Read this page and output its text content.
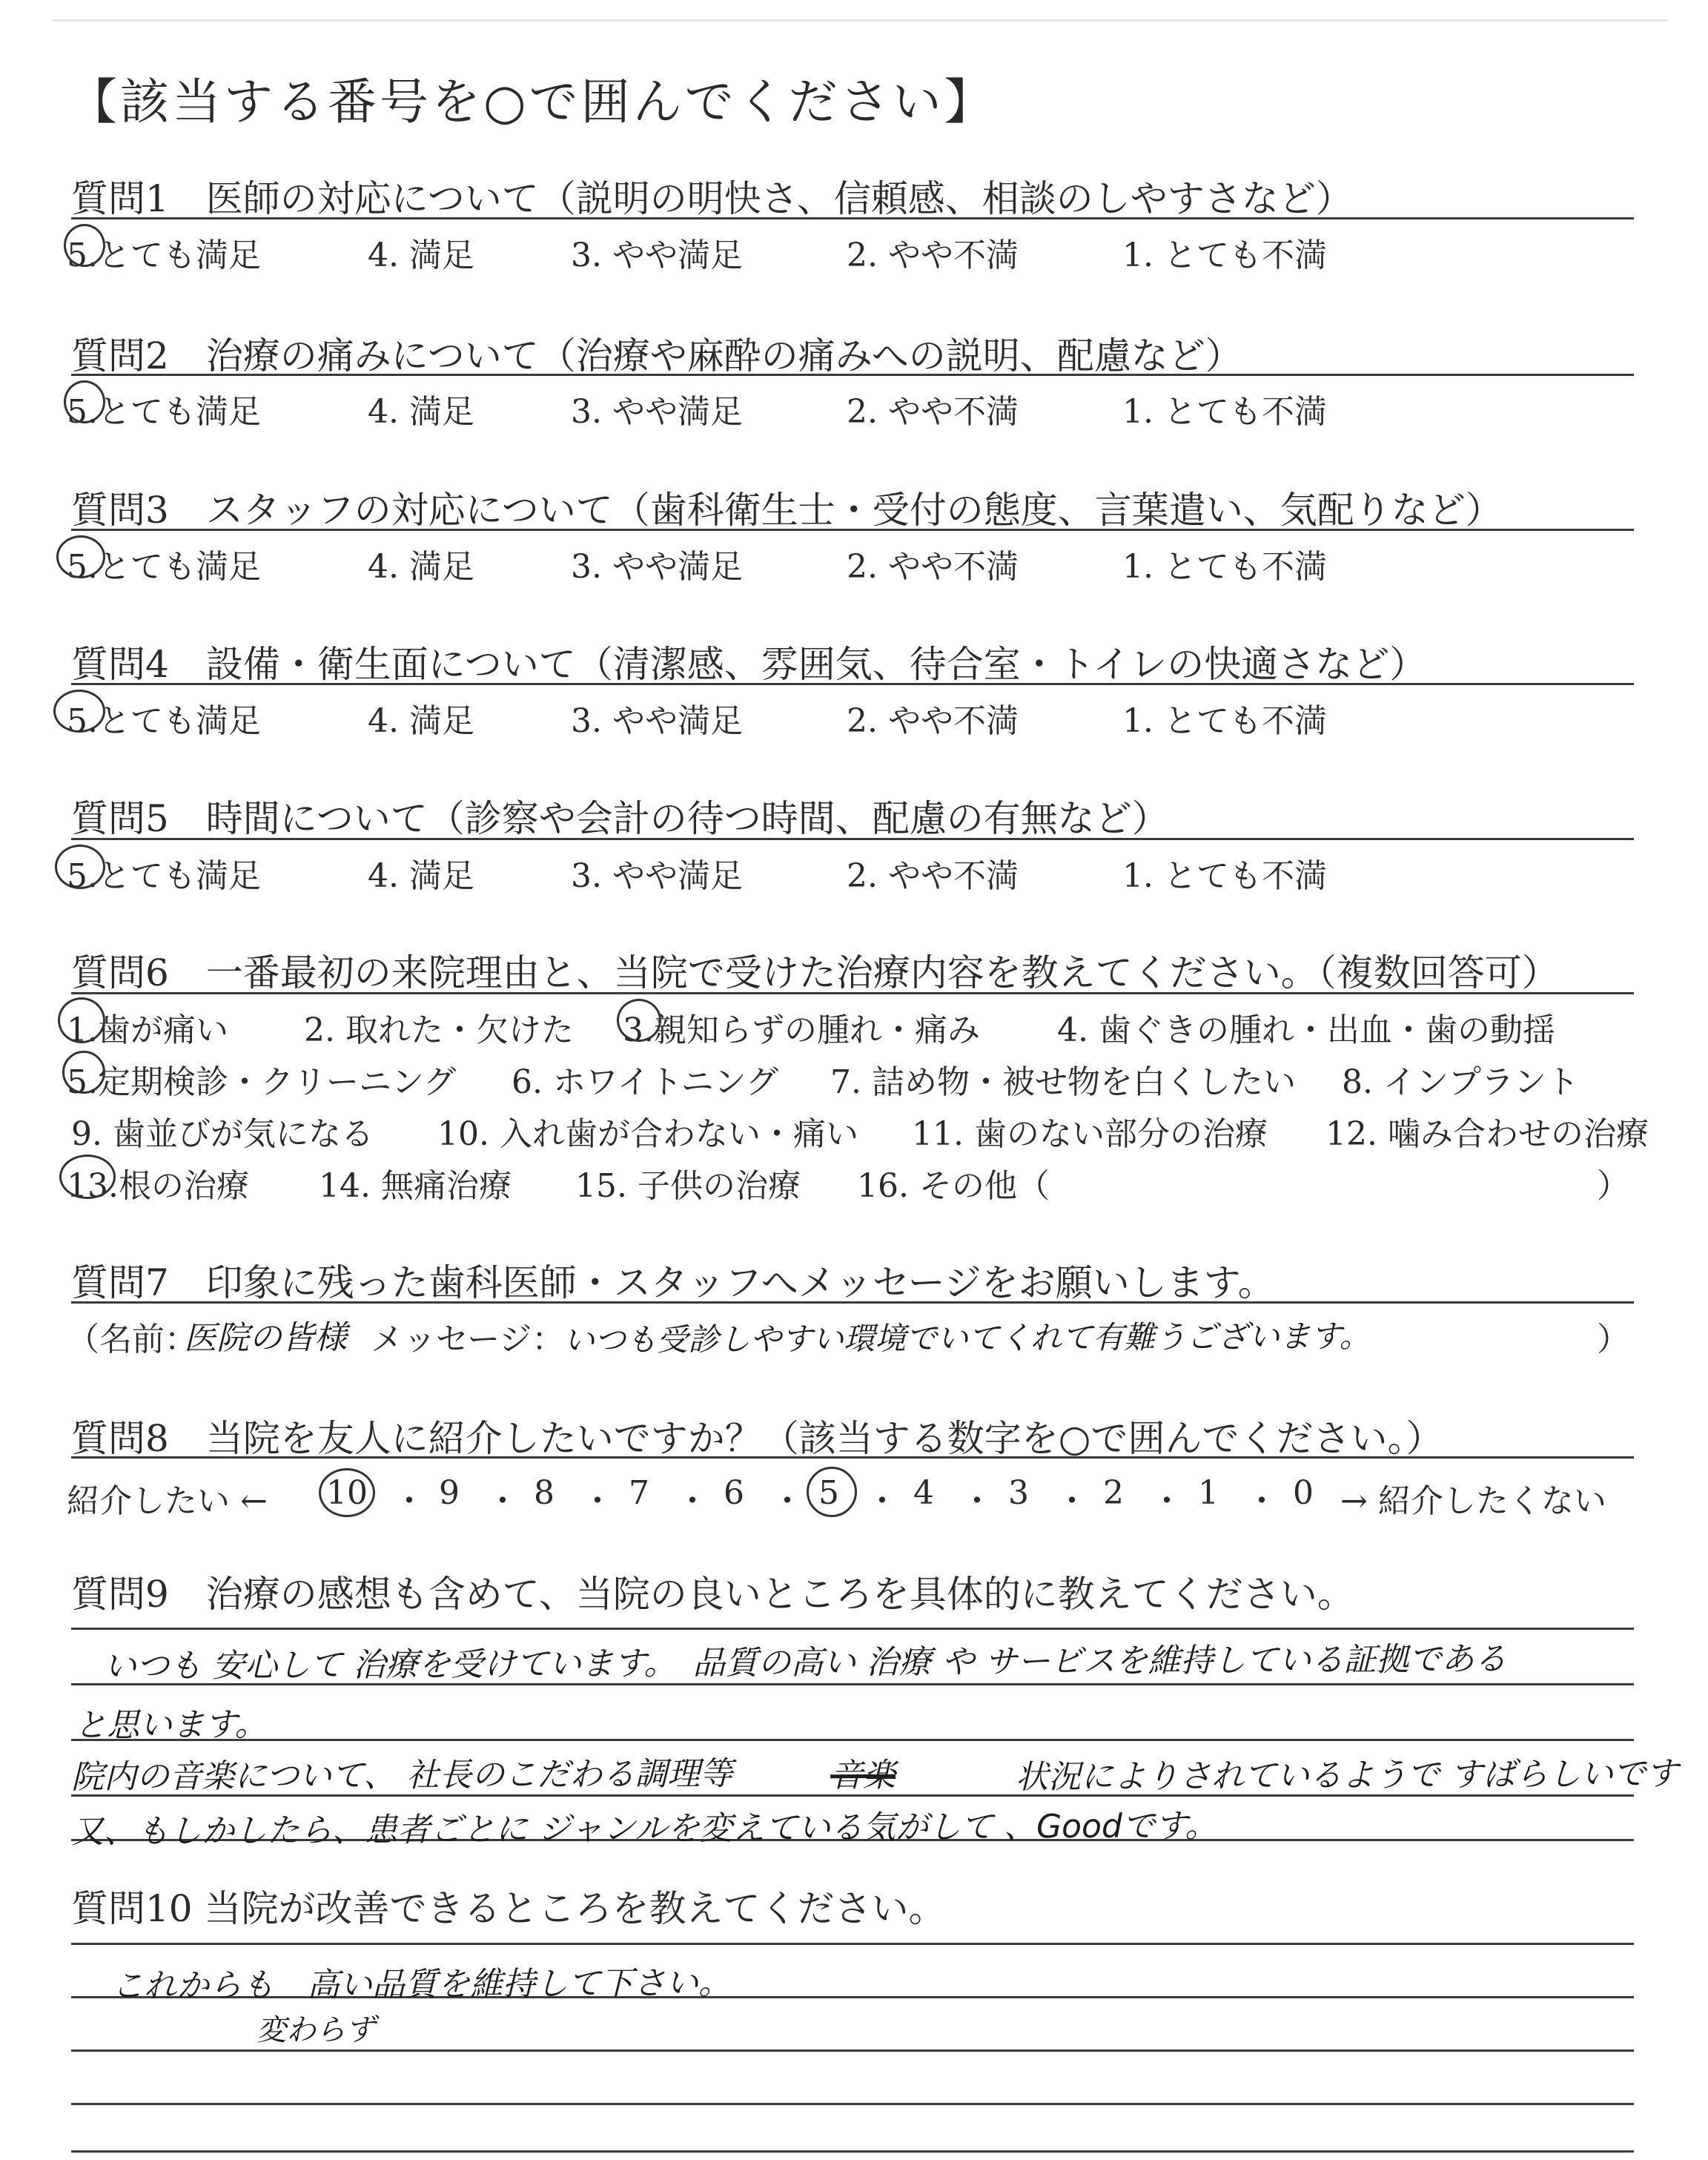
【該当する番号を○で囲んでください】
質問1　医師の対応について（説明の明快さ、信頼感、相談のしやすさなど）
5.とても満足	4. 満足	3. やや満足	2. やや不満	1. とても不満
質問2　治療の痛みについて（治療や麻酔の痛みへの説明、配慮など）
5.とても満足	4. 満足	3. やや満足	2. やや不満	1. とても不満
質問3　スタッフの対応について（歯科衛生士・受付の態度、言葉遣い、気配りなど）
5.とても満足	4. 満足	3. やや満足	2. やや不満	1. とても不満
質問4　設備・衛生面について（清潔感、雰囲気、待合室・トイレの快適さなど）
5.とても満足	4. 満足	3. やや満足	2. やや不満	1. とても不満
質問5　時間について（診察や会計の待つ時間、配慮の有無など）
5.とても満足	4. 満足	3. やや満足	2. やや不満	1. とても不満
質問6　一番最初の来院理由と、当院で受けた治療内容を教えてください。（複数回答可）
1.歯が痛い 2. 取れた・欠けた 3.親知らずの腫れ・痛み 4. 歯ぐきの腫れ・出血・歯の動揺
5.定期検診・クリーニング 6. ホワイトニング 7. 詰め物・被せ物を白くしたい 8. インプラント
9. 歯並びが気になる 10. 入れ歯が合わない・痛い 11. 歯のない部分の治療 12. 噛み合わせの治療
13.根の治療 14. 無痛治療 15. 子供の治療 16. その他（	）
質問7　印象に残った歯科医師・スタッフへメッセージをお願いします。
（名前：
医院の皆様 メッセージ：
いつも受診しやすい環境でいてくれて有難うございます。	）
質問8　当院を友人に紹介したいですか？（該当する数字を○で囲んでください。）
紹介したい ← 10 ・ 9 ・ 8 ・ 7 ・ 6 ・ 5 ・ 4 ・ 3 ・ 2 ・ 1 ・ 0 → 紹介したくない
質問9　治療の感想も含めて、当院の良いところを具体的に教えてください。
いつも 安心して 治療を受けています。　品質の高い 治療 や サービスを維持している証拠である
と思います。
院内の音楽について、 社長のこだわる調理等	音楽	状況によりされているようで すばらしいです
又、もしかしたら、患者ごとに ジャンルを変えている気がして 、Goodです。
質問10 当院が改善できるところを教えてください。
これからも　高い品質を維持して下さい。
変わらず
